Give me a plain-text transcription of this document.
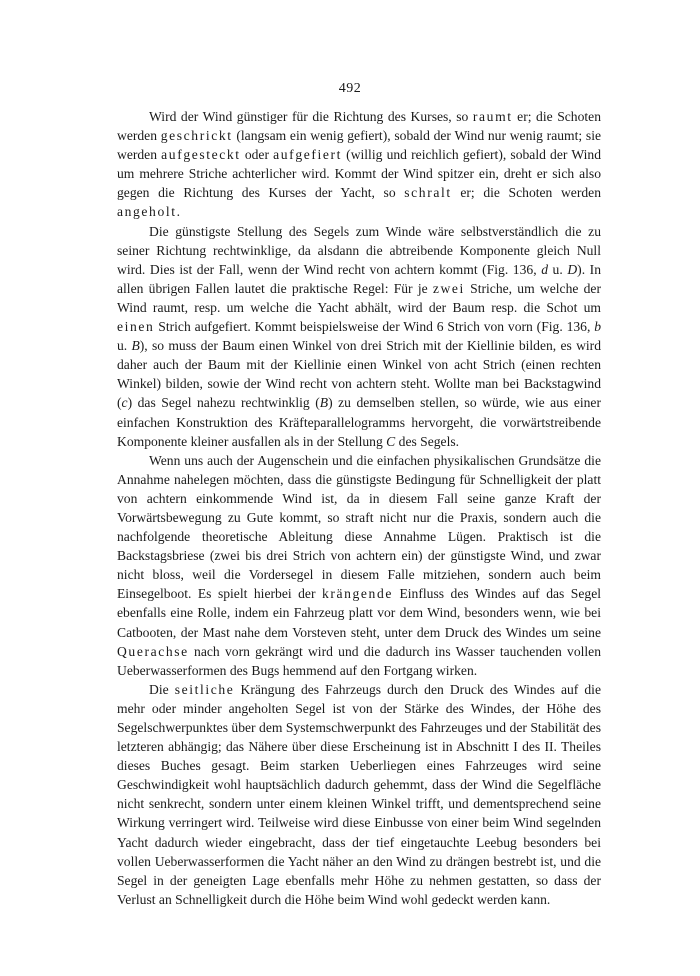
492

Wird der Wind günstiger für die Richtung des Kurses, so raumt er; die Schoten werden geschrickt (langsam ein wenig gefiert), sobald der Wind nur wenig raumt; sie werden aufgesteckt oder aufgefiert (willig und reichlich gefiert), sobald der Wind um mehrere Striche achterlicher wird. Kommt der Wind spitzer ein, dreht er sich also gegen die Richtung des Kurses der Yacht, so schralt er; die Schoten werden angeholt.

Die günstigste Stellung des Segels zum Winde wäre selbstverständlich die zu seiner Richtung rechtwinklige, da alsdann die abtreibende Komponente gleich Null wird. Dies ist der Fall, wenn der Wind recht von achtern kommt (Fig. 136, d u. D). In allen übrigen Fallen lautet die praktische Regel: Für je zwei Striche, um welche der Wind raumt, resp. um welche die Yacht abhält, wird der Baum resp. die Schot um einen Strich aufgefiert. Kommt beispielsweise der Wind 6 Strich von vorn (Fig. 136, b u. B), so muss der Baum einen Winkel von drei Strich mit der Kiellinie bilden, es wird daher auch der Baum mit der Kiellinie einen Winkel von acht Strich (einen rechten Winkel) bilden, sowie der Wind recht von achtern steht. Wollte man bei Backstagwind (c) das Segel nahezu rechtwinklig (B) zu demselben stellen, so würde, wie aus einer einfachen Konstruktion des Kräfteparallelogramms hervorgeht, die vorwärtstreibende Komponente kleiner ausfallen als in der Stellung C des Segels.

Wenn uns auch der Augenschein und die einfachen physikalischen Grundsätze die Annahme nahelegen möchten, dass die günstigste Bedingung für Schnelligkeit der platt von achtern einkommende Wind ist, da in diesem Fall seine ganze Kraft der Vorwärtsbewegung zu Gute kommt, so straft nicht nur die Praxis, sondern auch die nachfolgende theoretische Ableitung diese Annahme Lügen. Praktisch ist die Backstagsbriese (zwei bis drei Strich von achtern ein) der günstigste Wind, und zwar nicht bloss, weil die Vordersegel in diesem Falle mitziehen, sondern auch beim Einsegelboot. Es spielt hierbei der krängende Einfluss des Windes auf das Segel ebenfalls eine Rolle, indem ein Fahrzeug platt vor dem Wind, besonders wenn, wie bei Catbooten, der Mast nahe dem Vorsteven steht, unter dem Druck des Windes um seine Querachse nach vorn gekrängt wird und die dadurch ins Wasser tauchenden vollen Ueberwasserformen des Bugs hemmend auf den Fortgang wirken.

Die seitliche Krängung des Fahrzeugs durch den Druck des Windes auf die mehr oder minder angeholten Segel ist von der Stärke des Windes, der Höhe des Segelschwerpunktes über dem Systemschwerpunkt des Fahrzeuges und der Stabilität des letzteren abhängig; das Nähere über diese Erscheinung ist in Abschnitt I des II. Theiles dieses Buches gesagt. Beim starken Ueberliegen eines Fahrzeuges wird seine Geschwindigkeit wohl hauptsächlich dadurch gehemmt, dass der Wind die Segelfläche nicht senkrecht, sondern unter einem kleinen Winkel trifft, und dementsprechend seine Wirkung verringert wird. Teilweise wird diese Einbusse von einer beim Wind segelnden Yacht dadurch wieder eingebracht, dass der tief eingetauchte Leebug besonders bei vollen Ueberwasserformen die Yacht näher an den Wind zu drängen bestrebt ist, und die Segel in der geneigten Lage ebenfalls mehr Höhe zu nehmen gestatten, so dass der Verlust an Schnelligkeit durch die Höhe beim Wind wohl gedeckt werden kann.
